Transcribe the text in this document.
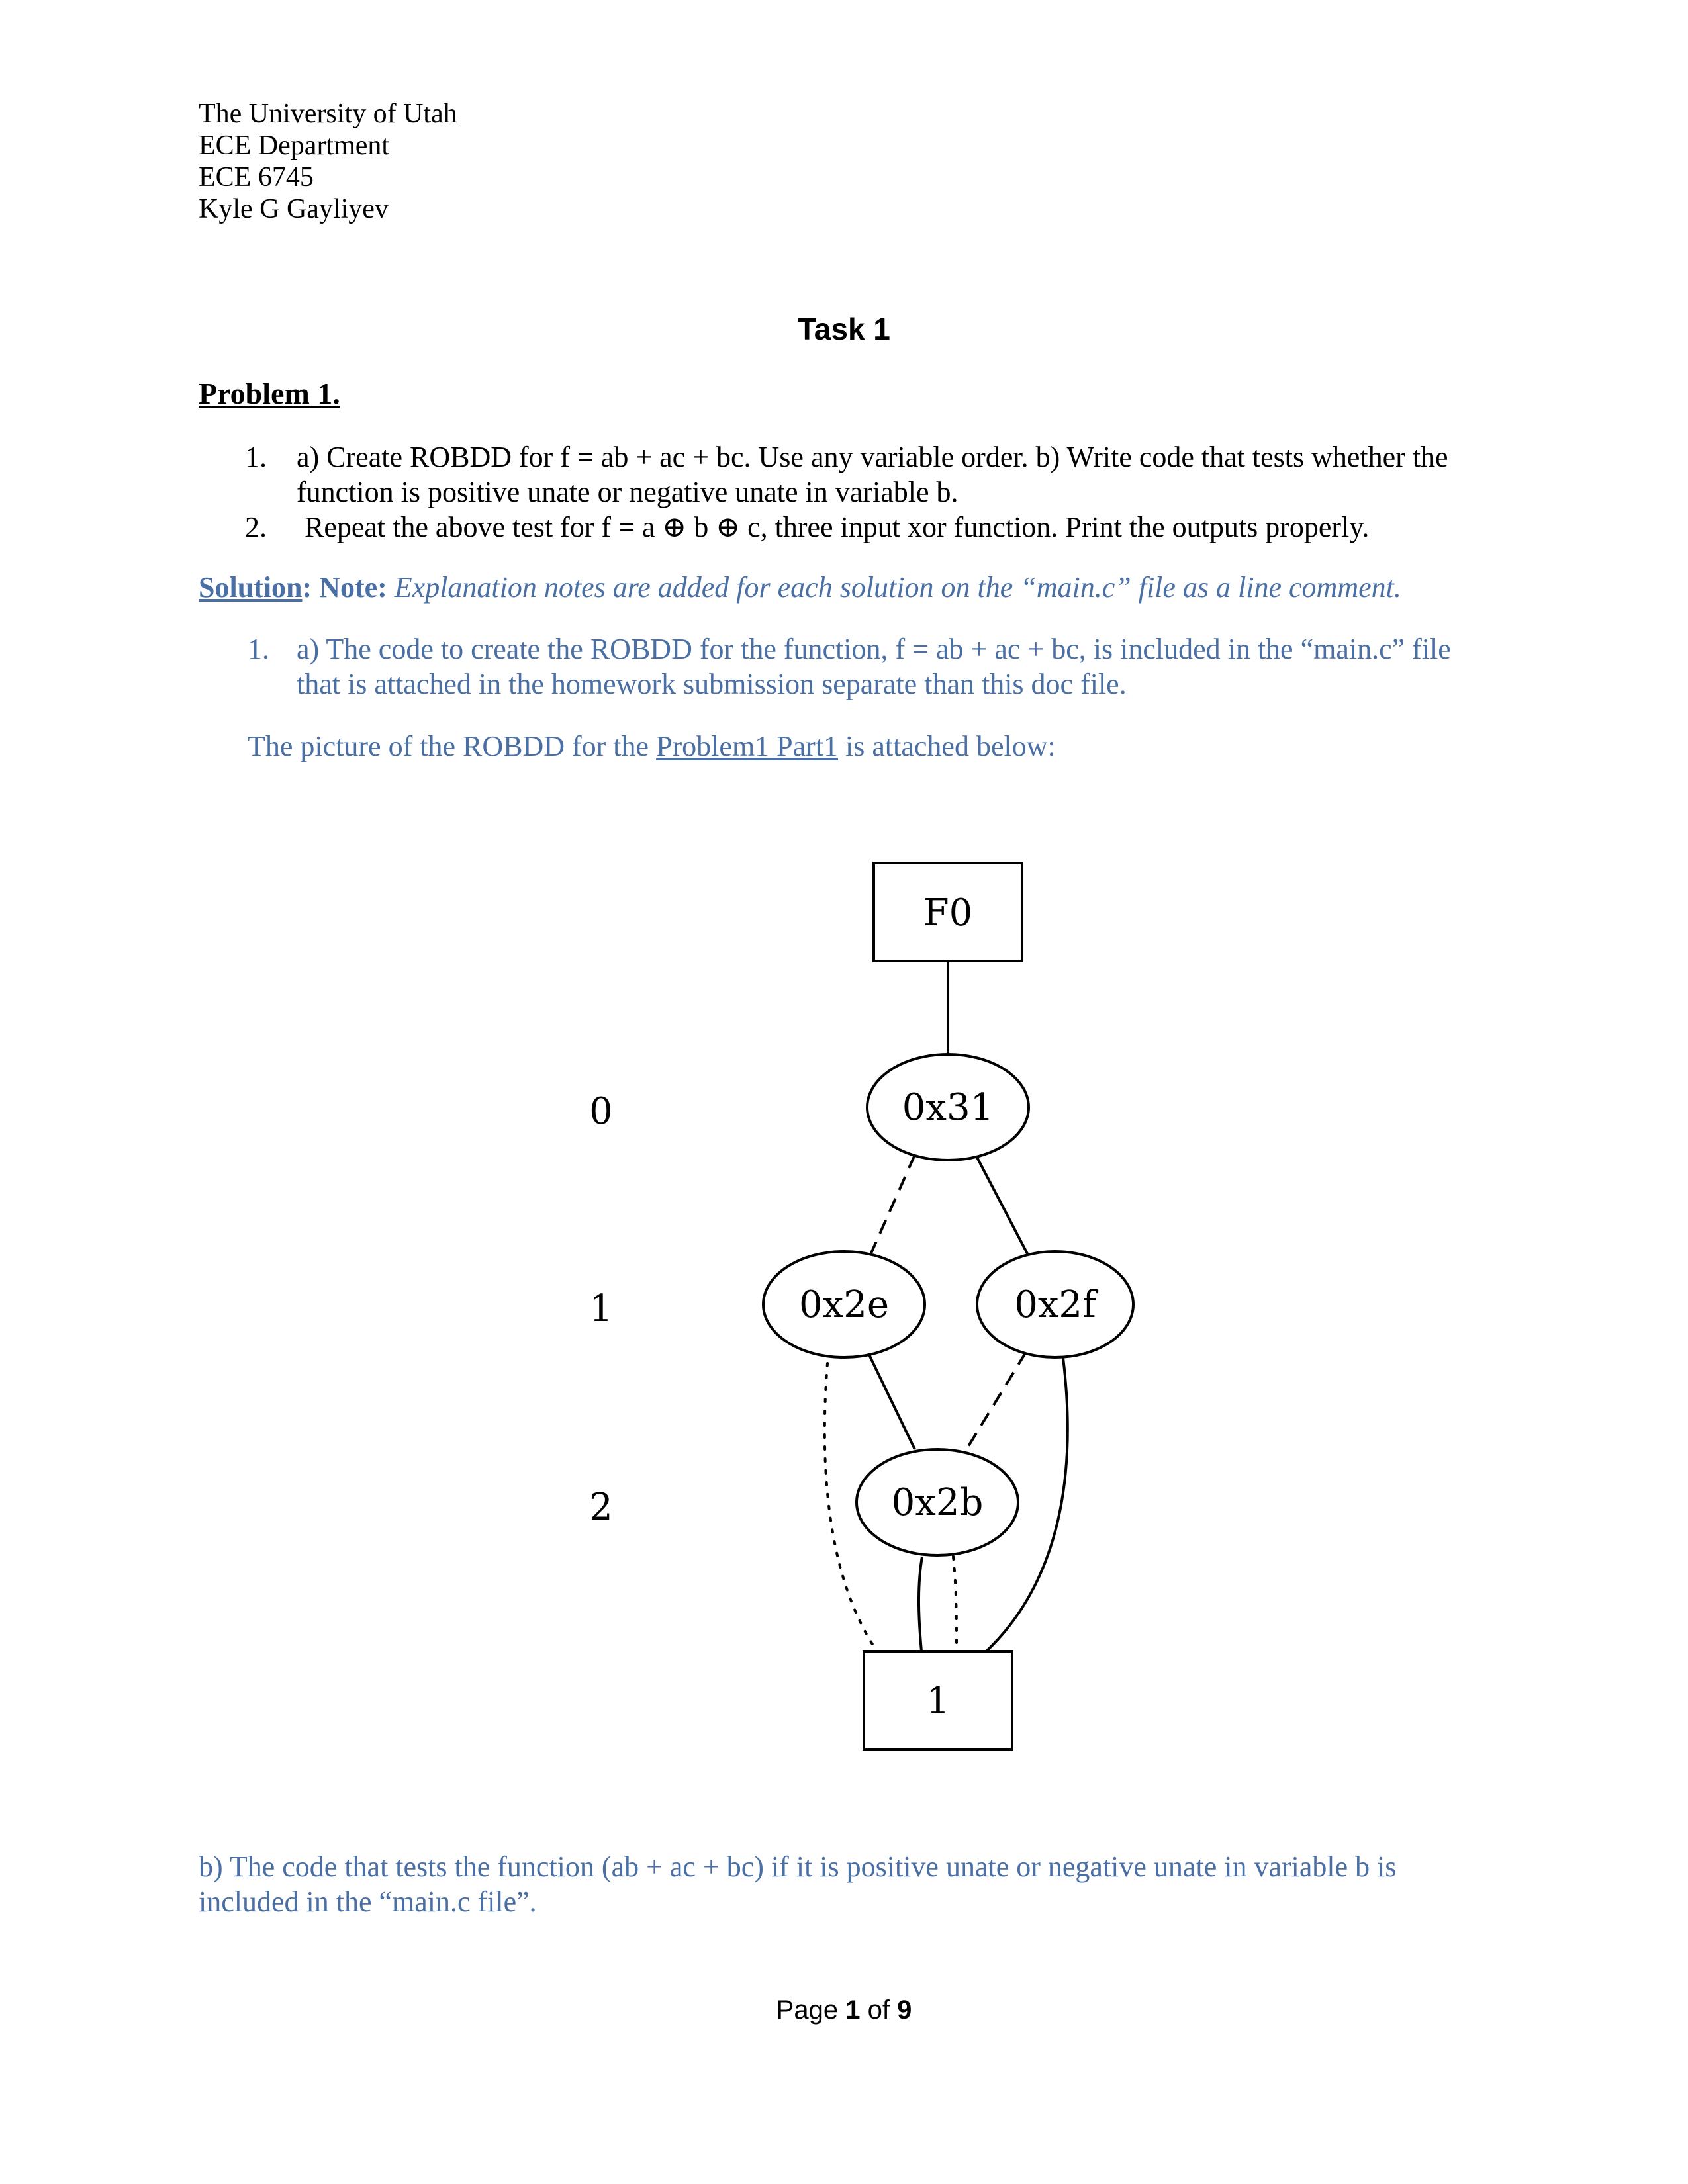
The University of Utah
ECE Department
ECE 6745
Kyle G Gayliyev
Task 1
Problem 1.
1. a) Create ROBDD for f = ab + ac + bc. Use any variable order. b) Write code that tests whether the
function is positive unate or negative unate in variable b.
2. Repeat the above test for f = a ⊕ b ⊕ c, three input xor function. Print the outputs properly.
Solution: Note: Explanation notes are added for each solution on the “main.c” file as a line comment.
1. a) The code to create the ROBDD for the function, f = ab + ac + bc, is included in the “main.c” file
that is attached in the homework submission separate than this doc file.
The picture of the ROBDD for the Problem1 Part1 is attached below:
0
1
2
F0
0x31
0x2e	0x2f
0x2b
1
b) The code that tests the function (ab + ac + bc) if it is positive unate or negative unate in variable b is
included in the “main.c file”.
Page 1 of 9
